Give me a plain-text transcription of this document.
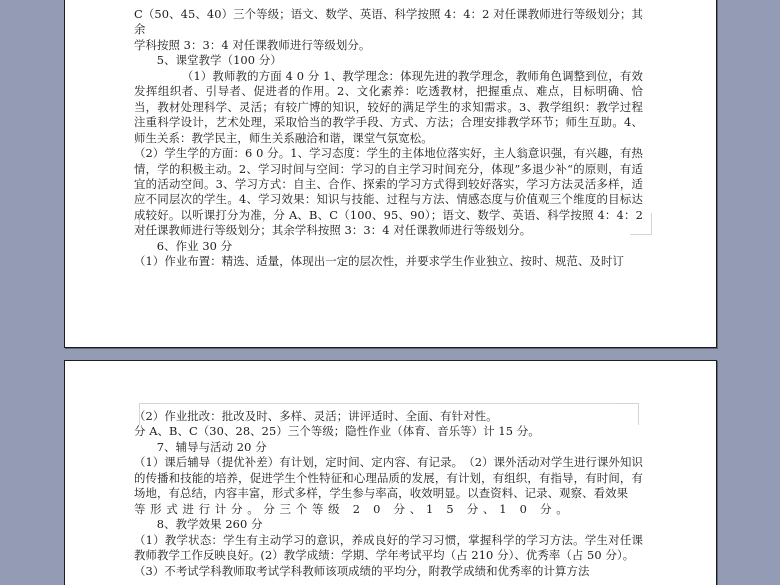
C（50、45、40）三个等级；语文、数学、英语、科学按照 4：4：2 对任课教师进行等级划分；其余

学科按照 3：3：4 对任课教师进行等级划分。

5、课堂教学（100 分）

（1）教师教的方面 4 0 分 1、教学理念：体现先进的教学理念，教师角色调整到位，有效发挥组织者、引导者、促进者的作用。2、文化素养：吃透教材，把握重点、难点，目标明确、恰当，教材处理科学、灵活；有较广博的知识，较好的满足学生的求知需求。3、教学组织：教学过程注重科学设计，艺术处理，采取恰当的教学手段、方式、方法；合理安排教学环节；师生互助。4、师生关系：教学民主，师生关系融洽和谐，课堂气氛宽松。

（2）学生学的方面：6 0 分。1、学习态度：学生的主体地位落实好，主人翁意识强，有兴趣，有热情，学的积极主动。2、学习时间与空间：学习的自主学习时间充分，体现”多退少补“的原则，有适宜的活动空间。3、学习方式：自主、合作、探索的学习方式得到较好落实，学习方法灵活多样，适应不同层次的学生。4、学习效果：知识与技能、过程与方法、情感态度与价值观三个维度的目标达成较好。以听课打分为准，分 A、B、C（100、95、90）；语文、数学、英语、科学按照 4：4：2 对任课教师进行等级划分；其余学科按照 3：3：4 对任课教师进行等级划分。

6、作业 30 分

（1）作业布置：精选、适量，体现出一定的层次性，并要求学生作业独立、按时、规范、及时订

（2）作业批改：批改及时、多样、灵活；讲评适时、全面、有针对性。

分 A、B、C（30、28、25）三个等级；隐性作业（体育、音乐等）计 15 分。

7、辅导与活动 20 分

（1）课后辅导（提优补差）有计划，定时间、定内容、有记录。　（2）课外活动对学生进行课外知识的传播和技能的培养，促进学生个性特征和心理品质的发展，有计划，有组织，有指导，有时间，有场地，有总结，内容丰富，形式多样，学生参与率高，收效明显。以查资料、记录、观察、看效果

等形式进行计分。分三个等级 2 0 分、1 5 分、1 0 分。

8、教学效果 260 分

（1）教学状态：学生有主动学习的意识，养成良好的学习习惯，掌握科学的学习方法。学生对任课教师教学工作反映良好。(2）教学成绩：学期、学年考试平均（占 210 分）、优秀率（占 50 分）。

（3）不考试学科教师取考试学科教师该项成绩的平均分，附教学成绩和优秀率的计算方法
